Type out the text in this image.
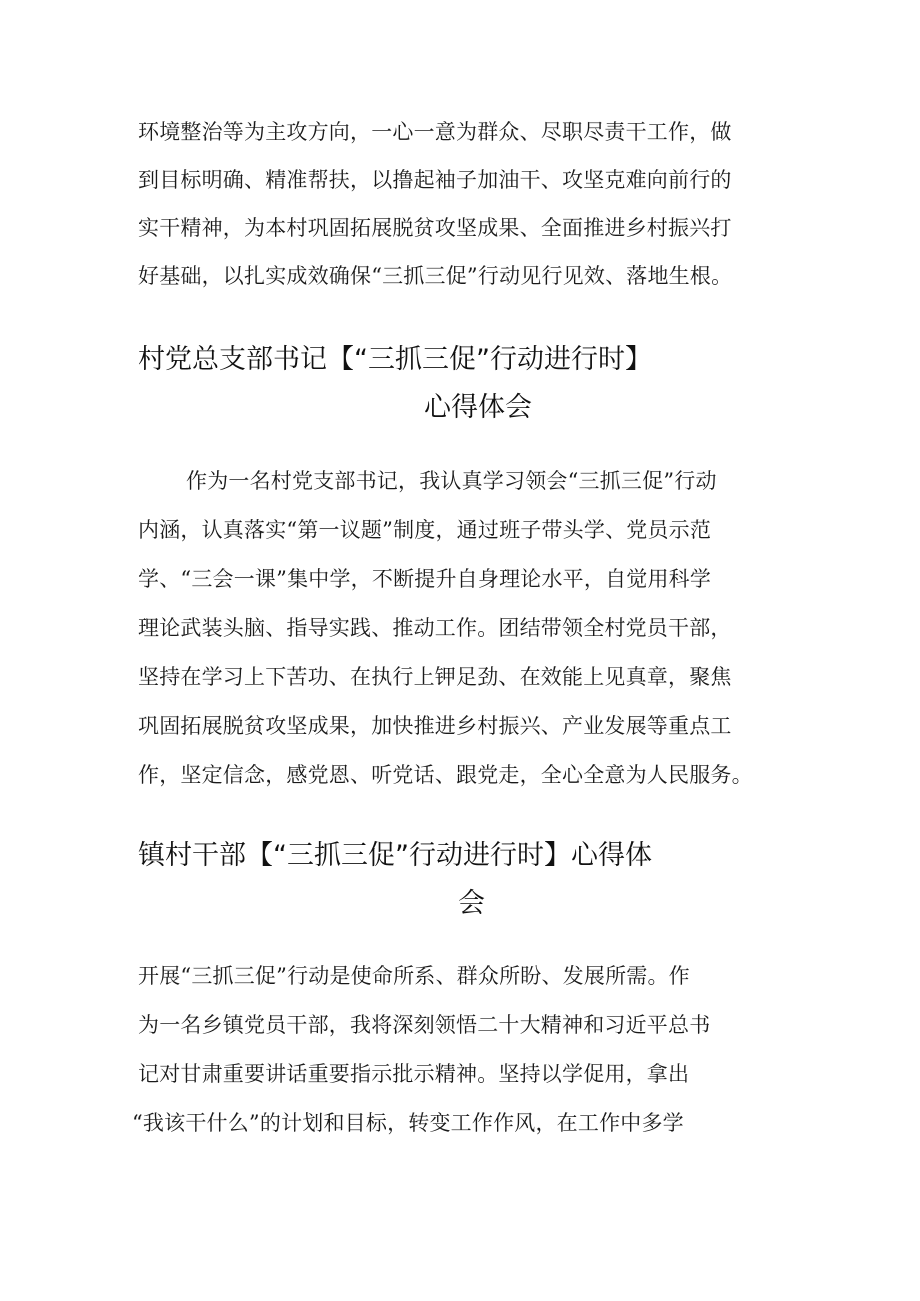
环境整治等为主攻方向，一心一意为群众、尽职尽责干工作，做
到目标明确、精准帮扶，以撸起袖子加油干、攻坚克难向前行的
实干精神，为本村巩固拓展脱贫攻坚成果、全面推进乡村振兴打
好基础，以扎实成效确保“三抓三促”行动见行见效、落地生根。
村党总支部书记【“三抓三促”行动进行时】
心得体会
作为一名村党支部书记，我认真学习领会“三抓三促”行动
内涵，认真落实“第一议题”制度，通过班子带头学、党员示范
学、“三会一课”集中学，不断提升自身理论水平，自觉用科学
理论武装头脑、指导实践、推动工作。团结带领全村党员干部，
坚持在学习上下苦功、在执行上钾足劲、在效能上见真章，聚焦
巩固拓展脱贫攻坚成果，加快推进乡村振兴、产业发展等重点工
作，坚定信念，感党恩、听党话、跟党走，全心全意为人民服务。
镇村干部【“三抓三促”行动进行时】心得体
会
开展“三抓三促”行动是使命所系、群众所盼、发展所需。作
为一名乡镇党员干部，我将深刻领悟二十大精神和习近平总书
记对甘肃重要讲话重要指示批示精神。坚持以学促用，拿出
“我该干什么”的计划和目标，转变工作作风，在工作中多学
